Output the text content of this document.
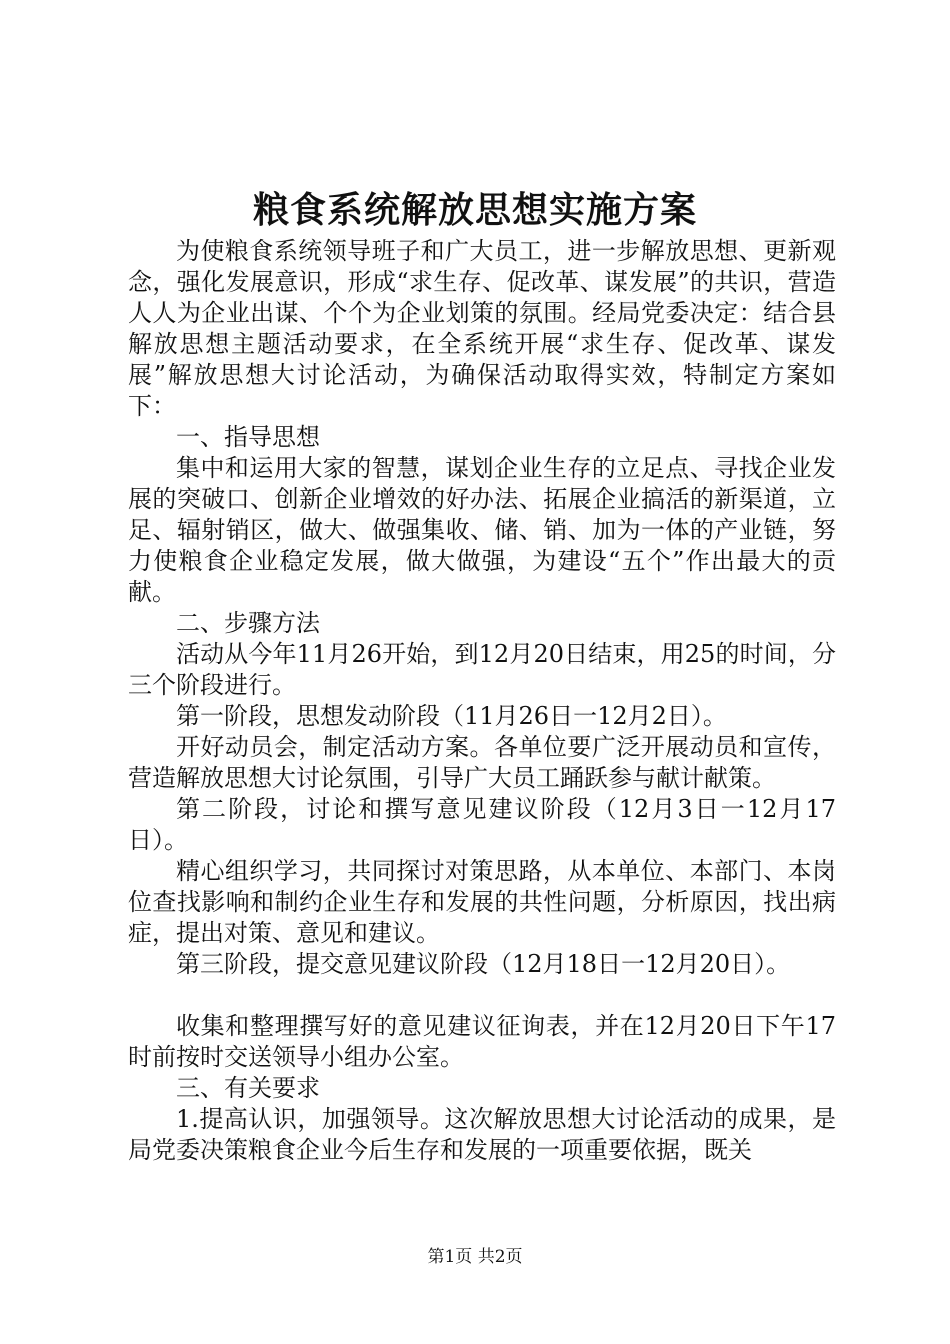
粮食系统解放思想实施方案

为使粮食系统领导班子和广大员工，进一步解放思想、更新观念，强化发展意识，形成“求生存、促改革、谋发展”的共识，营造人人为企业出谋、个个为企业划策的氛围。经局党委决定：结合县解放思想主题活动要求，在全系统开展“求生存、促改革、谋发展”解放思想大讨论活动，为确保活动取得实效，特制定方案如下：

一、指导思想

集中和运用大家的智慧，谋划企业生存的立足点、寻找企业发展的突破口、创新企业增效的好办法、拓展企业搞活的新渠道，立足、辐射销区，做大、做强集收、储、销、加为一体的产业链，努力使粮食企业稳定发展，做大做强，为建设“五个”作出最大的贡献。

二、步骤方法

活动从今年11月26开始，到12月20日结束，用25的时间，分三个阶段进行。

第一阶段，思想发动阶段（11月26日一12月2日）。

开好动员会，制定活动方案。各单位要广泛开展动员和宣传，营造解放思想大讨论氛围，引导广大员工踊跃参与献计献策。

第二阶段，讨论和撰写意见建议阶段（12月3日一12月17日）。

精心组织学习，共同探讨对策思路，从本单位、本部门、本岗位查找影响和制约企业生存和发展的共性问题，分析原因，找出病症，提出对策、意见和建议。

第三阶段，提交意见建议阶段（12月18日一12月20日）。

收集和整理撰写好的意见建议征询表，并在12月20日下午17时前按时交送领导小组办公室。

三、有关要求

1.提高认识，加强领导。这次解放思想大讨论活动的成果，是局党委决策粮食企业今后生存和发展的一项重要依据，既关

第1页 共2页
